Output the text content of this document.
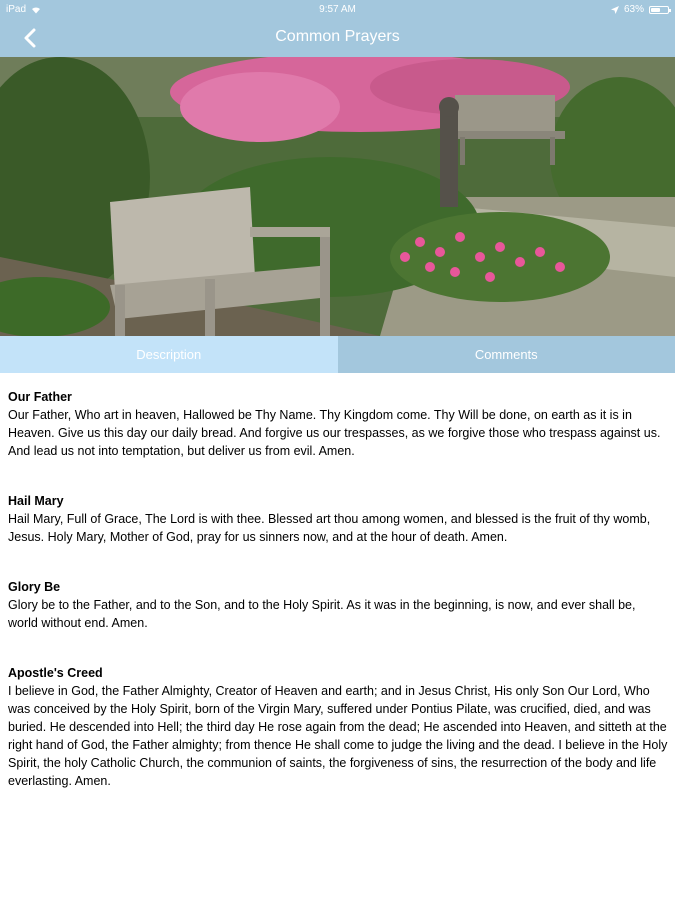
iPad	9:57 AM	63%
Common Prayers
Description	Comments
Our Father

Our Father, Who art in heaven, Hallowed be Thy Name. Thy Kingdom come. Thy Will be done, on earth as it is in Heaven. Give us this day our daily bread. And forgive us our trespasses, as we forgive those who trespass against us. And lead us not into temptation, but deliver us from evil. Amen.

Hail Mary

Hail Mary, Full of Grace, The Lord is with thee. Blessed art thou among women, and blessed is the fruit of thy womb, Jesus. Holy Mary, Mother of God, pray for us sinners now, and at the hour of death. Amen.

Glory Be

Glory be to the Father, and to the Son, and to the Holy Spirit. As it was in the beginning, is now, and ever shall be, world without end. Amen.

Apostle's Creed

I believe in God, the Father Almighty, Creator of Heaven and earth; and in Jesus Christ, His only Son Our Lord, Who was conceived by the Holy Spirit, born of the Virgin Mary, suffered under Pontius Pilate, was crucified, died, and was buried. He descended into Hell; the third day He rose again from the dead; He ascended into Heaven, and sitteth at the right hand of God, the Father almighty; from thence He shall come to judge the living and the dead. I believe in the Holy Spirit, the holy Catholic Church, the communion of saints, the forgiveness of sins, the resurrection of the body and life everlasting. Amen.
